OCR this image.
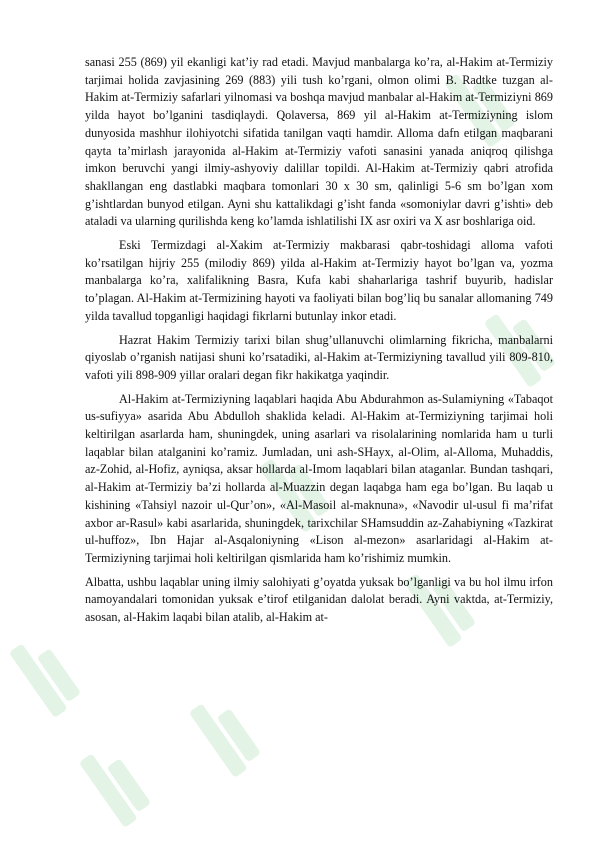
sanasi 255 (869) yil ekanligi kat’iy rad etadi. Mavjud manbalarga ko’ra, al-Hakim at-Termiziy tarjimai holida zavjasining 269 (883) yili tush ko’rgani, olmon olimi B. Radtke tuzgan al-Hakim at-Termiziy safarlari yilnomasi va boshqa mavjud manbalar al-Hakim at-Termiziyni 869 yilda hayot bo’lganini tasdiqlaydi. Qolaversa, 869 yil al-Hakim at-Termiziyning islom dunyosida mashhur ilohiyotchi sifatida tanilgan vaqti hamdir. Alloma dafn etilgan maqbarani qayta ta’mirlash jarayonida al-Hakim at-Termiziy vafoti sanasini yanada aniqroq qilishga imkon beruvchi yangi ilmiy-ashyoviy dalillar topildi. Al-Hakim at-Termiziy qabri atrofida shakllangan eng dastlabki maqbara tomonlari 30 x 30 sm, qalinligi 5-6 sm bo’lgan xom g’ishtlardan bunyod etilgan. Ayni shu kattalikdagi g’isht fanda «somoniylar davri g’ishti» deb ataladi va ularning qurilishda keng ko’lamda ishlatilishi IX asr oxiri va X asr boshlariga oid.

Eski Termizdagi al-Xakim at-Termiziy makbarasi qabr-toshidagi alloma vafoti ko’rsatilgan hijriy 255 (milodiy 869) yilda al-Hakim at-Termiziy hayot bo’lgan va, yozma manbalarga ko’ra, xalifalikning Basra, Kufa kabi shaharlariga tashrif buyurib, hadislar to’plagan. Al-Hakim at-Termizining hayoti va faoliyati bilan bog’liq bu sanalar allomaning 749 yilda tavallud topganligi haqidagi fikrlarni butunlay inkor etadi.

Hazrat Hakim Termiziy tarixi bilan shug’ullanuvchi olimlarning fikricha, manbalarni qiyoslab o’rganish natijasi shuni ko’rsatadiki, al-Hakim at-Termiziyning tavallud yili 809-810, vafoti yili 898-909 yillar oralari degan fikr hakikatga yaqindir.

Al-Hakim at-Termiziyning laqablari haqida Abu Abdurahmon as-Sulamiyning «Tabaqot us-sufiyya» asarida Abu Abdulloh shaklida keladi. Al-Hakim at-Termiziyning tarjimai holi keltirilgan asarlarda ham, shuningdek, uning asarlari va risolalarining nomlarida ham u turli laqablar bilan atalganini ko’ramiz. Jumladan, uni ash-SHayx, al-Olim, al-Alloma, Muhaddis, az-Zohid, al-Hofiz, ayniqsa, aksar hollarda al-Imom laqablari bilan ataganlar. Bundan tashqari, al-Hakim at-Termiziy ba’zi hollarda al-Muazzin degan laqabga ham ega bo’lgan. Bu laqab u kishining «Tahsiyl nazoir ul-Qur’on», «Al-Masoil al-maknuna», «Navodir ul-usul fi ma’rifat axbor ar-Rasul» kabi asarlarida, shuningdek, tarixchilar SHamsuddin az-Zahabiyning «Tazkirat ul-huffoz», Ibn Hajar al-Asqaloniyning «Lison al-mezon» asarlaridagi al-Hakim at-Termiziyning tarjimai holi keltirilgan qismlarida ham ko’rishimiz mumkin.

Albatta, ushbu laqablar uning ilmiy salohiyati g’oyatda yuksak bo’lganligi va bu hol ilmu irfon namoyandalari tomonidan yuksak e’tirof etilganidan dalolat beradi. Ayni vaktda, at-Termiziy, asosan, al-Hakim laqabi bilan atalib, al-Hakim at-
